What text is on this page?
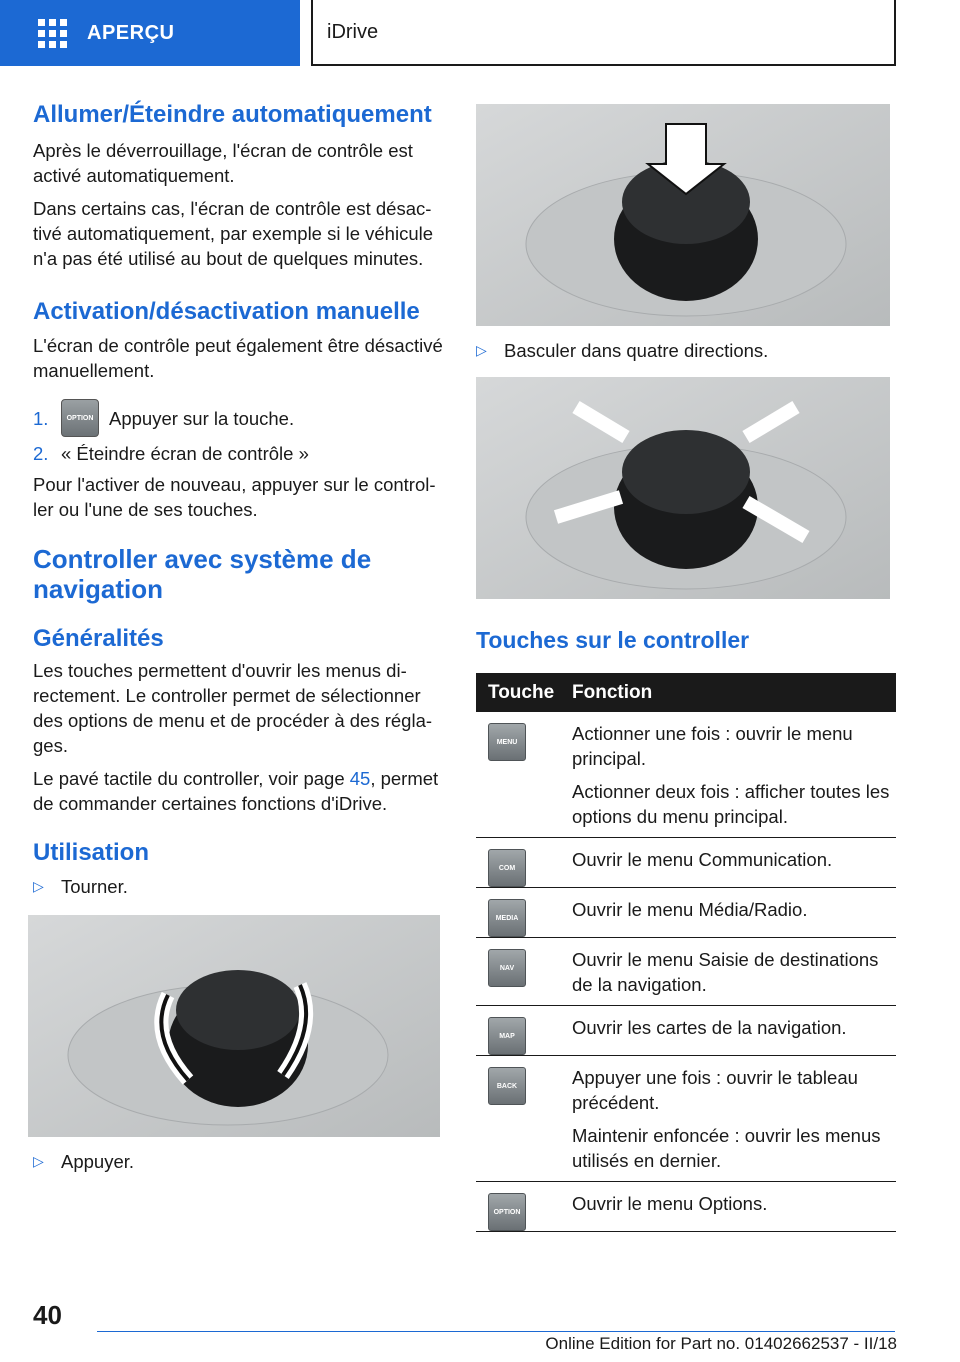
APERÇU	iDrive
Allumer/Éteindre automatiquement

Après le déverrouillage, l'écran de contrôle est activé automatiquement.

Dans certains cas, l'écran de contrôle est désactivé automatiquement, par exemple si le véhicule n'a pas été utilisé au bout de quelques minutes.

Activation/désactivation manuelle

L'écran de contrôle peut également être désactivé manuellement.

1.	OPTION Appuyer sur la touche.
2. « Éteindre écran de contrôle »

Pour l'activer de nouveau, appuyer sur le controller ou l'une de ses touches.

Controller avec système de navigation
Généralités

Les touches permettent d'ouvrir les menus directement. Le controller permet de sélectionner des options de menu et de procéder à des réglages.

Le pavé tactile du controller, voir page 45, permet de commander certaines fonctions d'iDrive.

Utilisation
▷ Tourner.
▷ Appuyer.
▷ Basculer dans quatre directions.
Touches sur le controller
Touche	Fonction

MENU	Actionner une fois : ouvrir le menu principal.
Actionner deux fois : afficher toutes les options du menu principal.

COM	Ouvrir le menu Communication.

MEDIA	Ouvrir le menu Média/Radio.

NAV	Ouvrir le menu Saisie de destinations de la navigation.

MAP	Ouvrir les cartes de la navigation.

BACK	Appuyer une fois : ouvrir le tableau précédent.
Maintenir enfoncée : ouvrir les menus utilisés en dernier.

OPTION	Ouvrir le menu Options.
40
Online Edition for Part no. 01402662537 - II/18
